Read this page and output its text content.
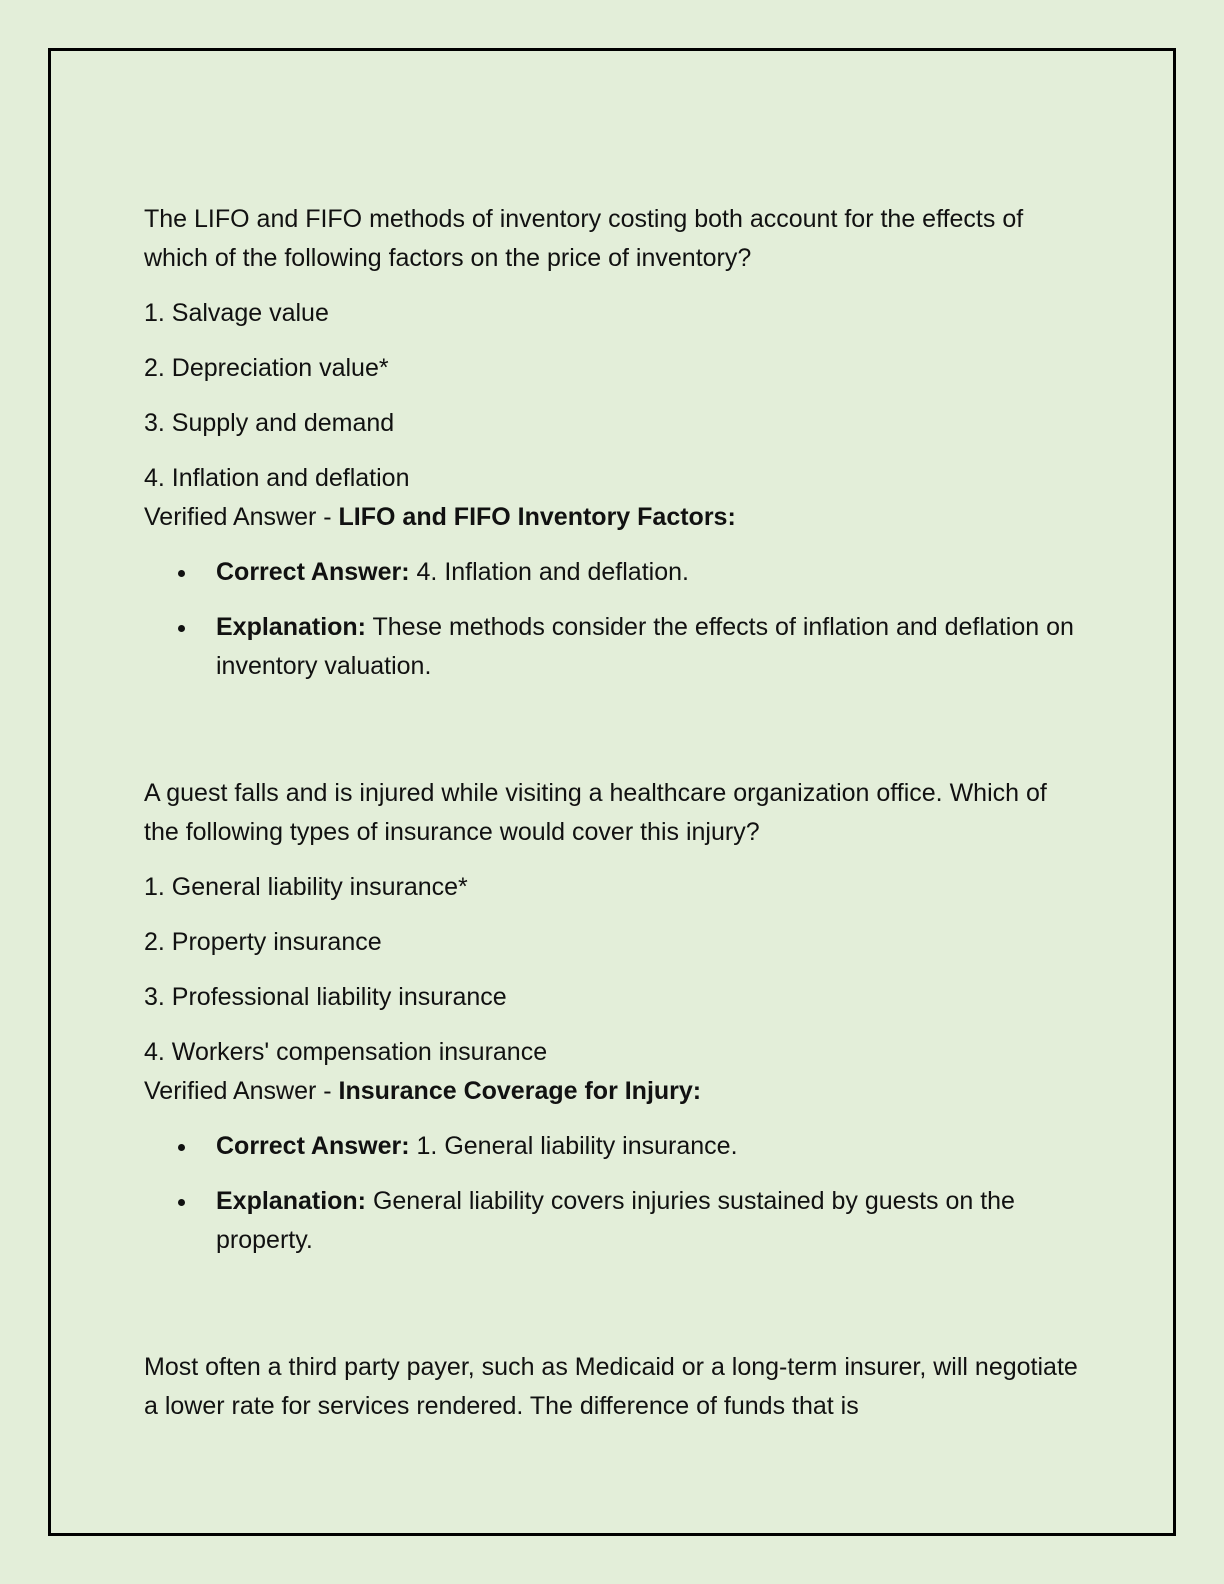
The LIFO and FIFO methods of inventory costing both account for the effects of which of the following factors on the price of inventory?

1. Salvage value

2. Depreciation value*

3. Supply and demand

4. Inflation and deflation

Verified Answer - LIFO and FIFO Inventory Factors:

Correct Answer: 4. Inflation and deflation.
Explanation: These methods consider the effects of inflation and deflation on inventory valuation.

A guest falls and is injured while visiting a healthcare organization office. Which of the following types of insurance would cover this injury?

1. General liability insurance*

2. Property insurance

3. Professional liability insurance

4. Workers' compensation insurance

Verified Answer - Insurance Coverage for Injury:

Correct Answer: 1. General liability insurance.
Explanation: General liability covers injuries sustained by guests on the property.

Most often a third party payer, such as Medicaid or a long-term insurer, will negotiate a lower rate for services rendered. The difference of funds that is
